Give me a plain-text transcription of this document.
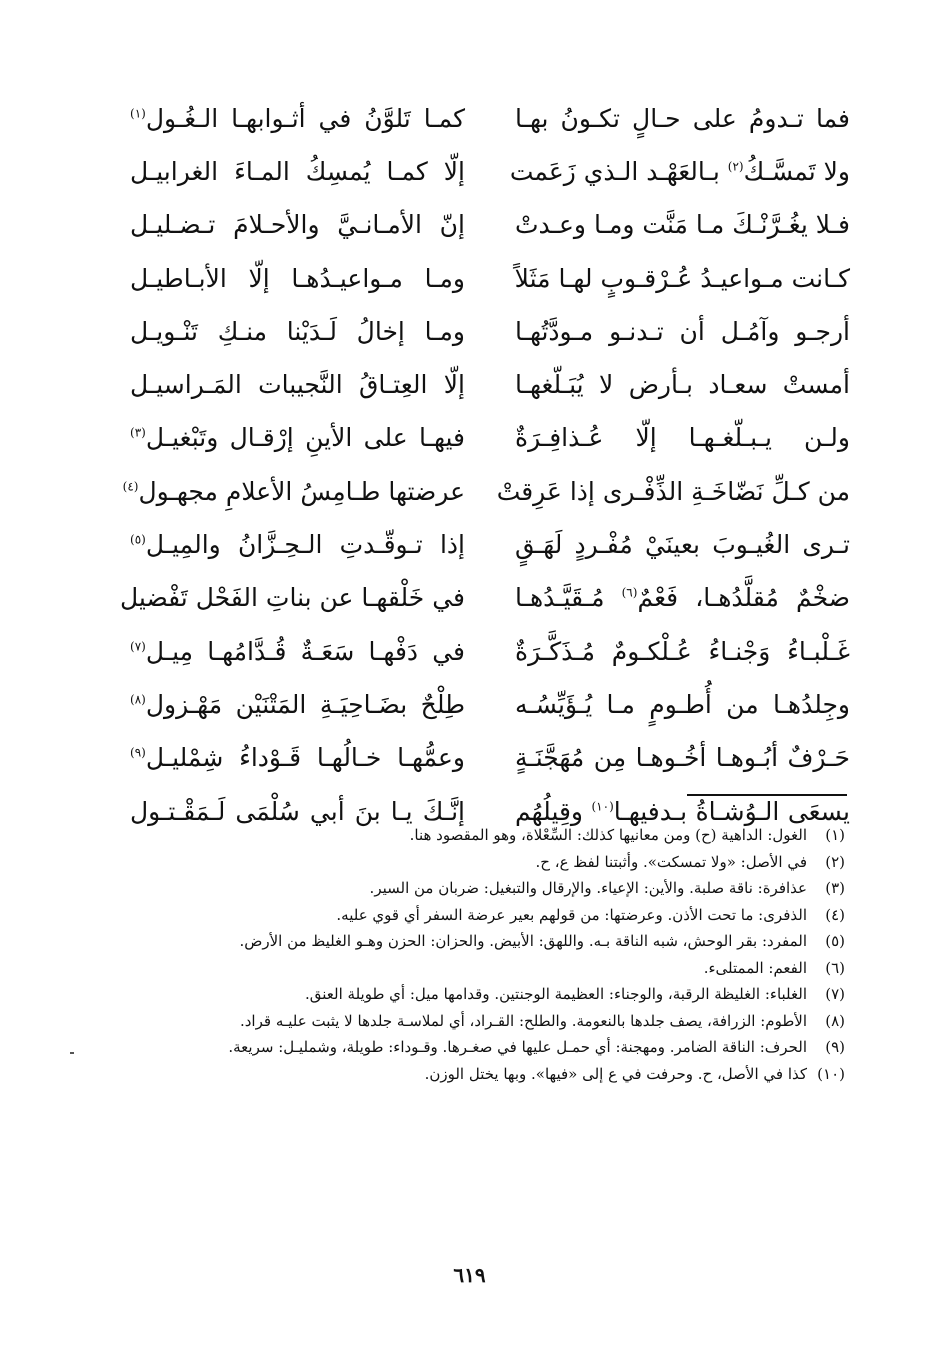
فما تـدومُ على حـالٍ تكـونُ بهـا
كمـا تَلوَّنُ في أثـوابهـا الـغُـول$^{(١)}$
ولا تَمسَّـكُ$^{(٢)}$ بـالعَهْـد الـذي زَعَمت
إلّا كمـا يُمسِكُ المـاءَ الغرابيـل
فـلا يغُـرَّنْـكَ مـا مَنَّت ومـا وعـدتْ
إنّ الأمـانـيَّ والأحـلامَ تـضـليـل
كـانت مـواعيـدُ عُـرْقـوبٍ لهـا مَثَلاً
ومـا مـواعيـدُهـا إلّا الأبـاطيـل
أرجـو وآمُـل أن تـدنـو مـودَّتُهـا
ومـا إخالُ لَـدَيْنا منـكِ تَنْـويـل
أمستْ سعـاد بـأرض لا يُبَـلّغهـا
إلّا العِتـاقُ النَّجيبات المَـراسيـل
ولـن يـبـلّغـهـا إلّا عُـذافِـرَةٌ
فيهـا على الأينِ إرْقـال وتَبْغيـل$^{(٣)}$
من كـلِّ نَضّاخَـةِ الذِّفْـرى إذا عَرِقتْ
عرضتها طـامِسُ الأعلامِ مجهـول$^{(٤)}$
تـرى الغُيـوبَ بعينَيْ مُفْـردٍ لَهَـقٍ
إذا تـوقّـدتِ الـحِـزَّانُ والمِيـل$^{(٥)}$
ضخْمٌ مُقلَّدُهـا، فَعْمٌ$^{(٦)}$ مُـقَيَّـدُهـا
في خَلْقهـا عن بناتِ الفَحْل تَفْضيل
غَـلْبـاءُ وَجْنـاءُ عُـلْكـومٌ مُـذَكَّـرَةٌ
في دَفْهـا سَعَـةٌ قُـدَّامُهـا مِيـل$^{(٧)}$
وجِلدُهـا من أُطـومٍ مـا يُـؤَيِّسُـه
طِلْحٌ بضَـاحِيَـةِ المَتْنَيْن مَهْـزول$^{(٨)}$
حَـرْفٌ أبُـوهـا أخُـوهـا مِن مُهَجَّنَـةٍ
وعمُّهـا خـالُهـا قَـوْداءُ شِمْليـل$^{(٩)}$
يسعَى الـوُشـاةُ بـدفيهـا$^{(١٠)}$ وقِيلُهُم
إنَّـكَ يـا بنَ أبي سُلْمَى لَـمَقْـتـول
(١)
الغول: الداهية (ح) ومن معانيها كذلك: السِّعْلاة، وهو المقصود هنا.
(٢)
في الأصل: «ولا تمسكت». وأثبتنا لفظ ع، ح.
(٣)
عذافرة: ناقة صلبة. والأين: الإعياء. والإرقال والتبغيل: ضربان من السير.
(٤)
الذفرى: ما تحت الأذن. وعرضتها: من قولهم بعير عرضة السفر أي قوي عليه.
(٥)
المفرد: بقر الوحش، شبه الناقة بـه. واللهق: الأبيض. والحزان: الحزن وهـو الغليظ من الأرض.
(٦)
الفعم: الممتلىء.
(٧)
الغلباء: الغليظة الرقبة، والوجناء: العظيمة الوجنتين. وقدامها ميل: أي طويلة العنق.
(٨)
الأطوم: الزرافة، يصف جلدها بالنعومة. والطلح: القـراد، أي لملاسـة جلدها لا يثبت عليـه قراد.
(٩)
الحرف: الناقة الضامر. ومهجنة: أي حمـل عليها في صغـرها. وقـوداء: طويلة، وشمليـل: سريعة.
(١٠)
كذا في الأصل، ح. وحرفت في ع إلى «فيها». وبها يختل الوزن.
٦١٩
